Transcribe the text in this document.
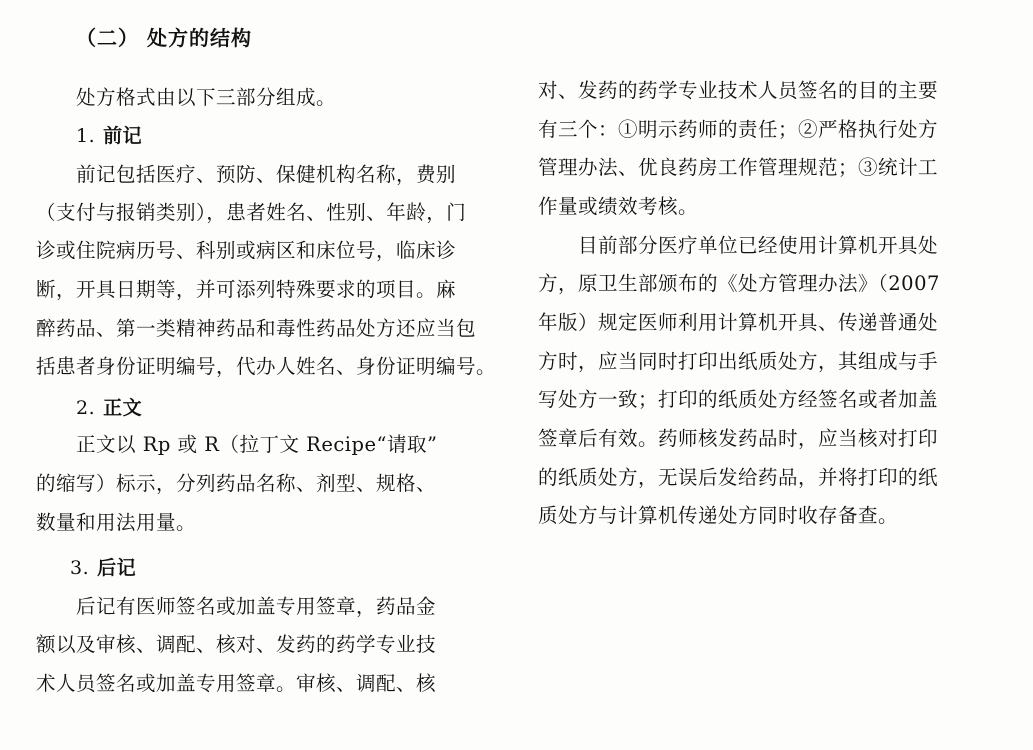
（二） 处方的结构
处方格式由以下三部分组成。
1. 前记
前记包括医疗、预防、保健机构名称，费别
（支付与报销类别），患者姓名、性别、年龄，门
诊或住院病历号、科别或病区和床位号，临床诊
断，开具日期等，并可添列特殊要求的项目。麻
醉药品、第一类精神药品和毒性药品处方还应当包
括患者身份证明编号，代办人姓名、身份证明编号。
2. 正文
正文以 Rp 或 R（拉丁文 Recipe“请取”
的缩写）标示，分列药品名称、剂型、规格、
数量和用法用量。
3. 后记
后记有医师签名或加盖专用签章，药品金
额以及审核、调配、核对、发药的药学专业技
术人员签名或加盖专用签章。审核、调配、核
对、发药的药学专业技术人员签名的目的主要
有三个：①明示药师的责任；②严格执行处方
管理办法、优良药房工作管理规范；③统计工
作量或绩效考核。
目前部分医疗单位已经使用计算机开具处
方，原卫生部颁布的《处方管理办法》（2007
年版）规定医师利用计算机开具、传递普通处
方时，应当同时打印出纸质处方，其组成与手
写处方一致；打印的纸质处方经签名或者加盖
签章后有效。药师核发药品时，应当核对打印
的纸质处方，无误后发给药品，并将打印的纸
质处方与计算机传递处方同时收存备查。
